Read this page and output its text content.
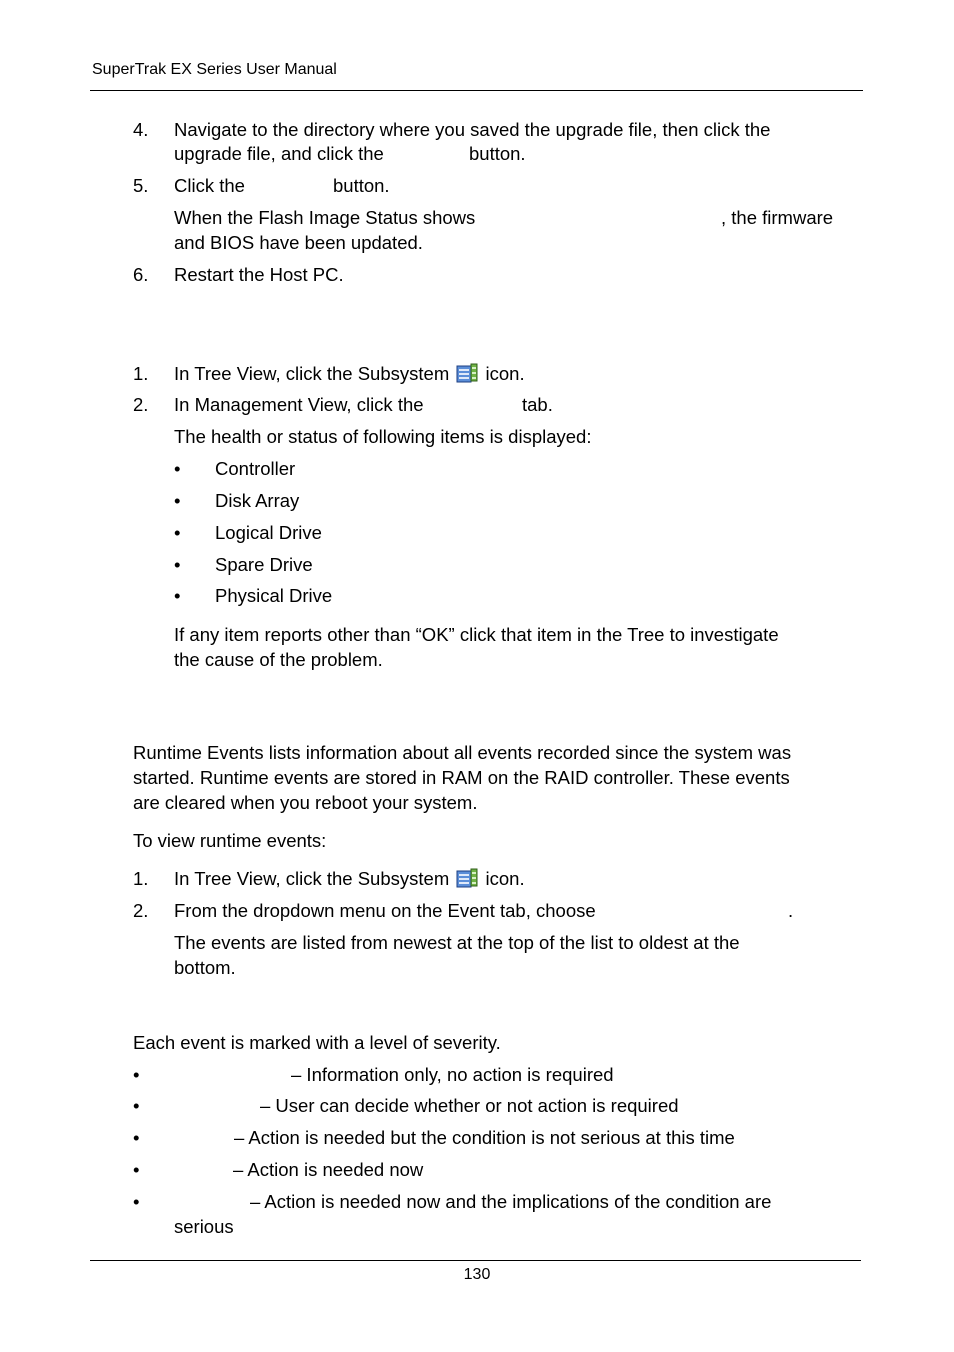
SuperTrak EX Series User Manual
4. Navigate to the directory where you saved the upgrade file, then click the
upgrade file, and click the	button.
5. Click the	button.
When the Flash Image Status shows	, the firmware
and BIOS have been updated.
6. Restart the Host PC.
1. In Tree View, click the Subsystem icon.
2. In Management View, click the	tab.
The health or status of following items is displayed:
• Controller
• Disk Array
• Logical Drive
• Spare Drive
• Physical Drive
If any item reports other than “OK” click that item in the Tree to investigate
the cause of the problem.
Runtime Events lists information about all events recorded since the system was
started. Runtime events are stored in RAM on the RAID controller. These events
are cleared when you reboot your system.
To view runtime events:
1. In Tree View, click the Subsystem icon.
2. From the dropdown menu on the Event tab, choose	.
The events are listed from newest at the top of the list to oldest at the
bottom.
Each event is marked with a level of severity.
•	– Information only, no action is required
•	– User can decide whether or not action is required
•	– Action is needed but the condition is not serious at this time
•	– Action is needed now
•	– Action is needed now and the implications of the condition are
serious
130
